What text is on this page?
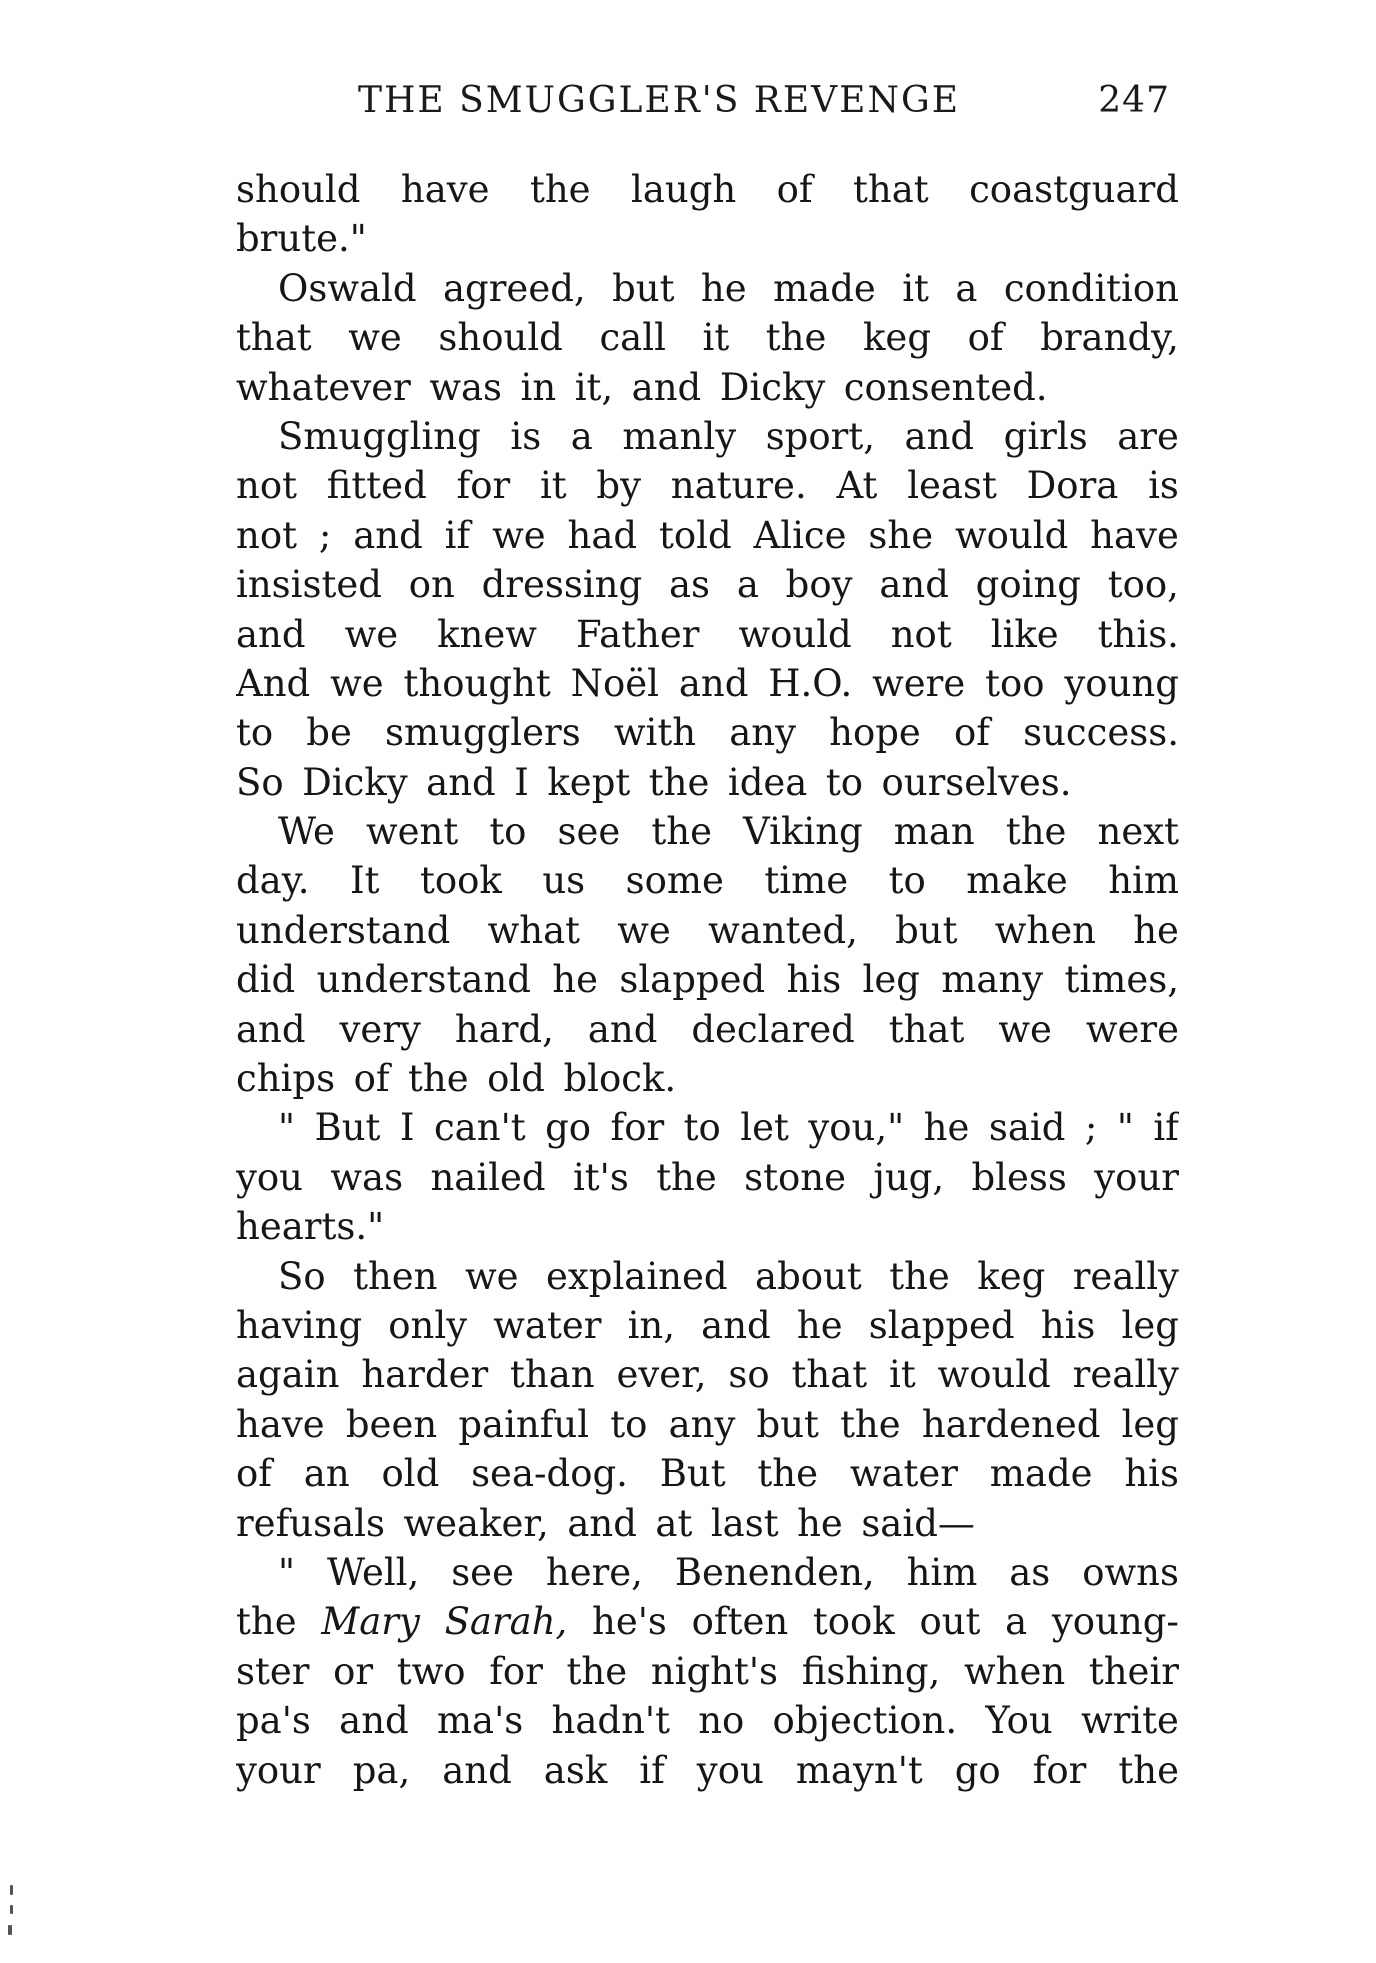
THE SMUGGLER'S REVENGE	247
should have the laugh of that coastguard
brute."
Oswald agreed, but he made it a condition
that we should call it the keg of brandy,
whatever was in it, and Dicky consented.
Smuggling is a manly sport, and girls are
not fitted for it by nature. At least Dora is
not ; and if we had told Alice she would have
insisted on dressing as a boy and going too,
and we knew Father would not like this.
And we thought Noël and H.O. were too young
to be smugglers with any hope of success.
So Dicky and I kept the idea to ourselves.
We went to see the Viking man the next
day. It took us some time to make him
understand what we wanted, but when he
did understand he slapped his leg many times,
and very hard, and declared that we were
chips of the old block.
" But I can't go for to let you," he said ; " if
you was nailed it's the stone jug, bless your
hearts."
So then we explained about the keg really
having only water in, and he slapped his leg
again harder than ever, so that it would really
have been painful to any but the hardened leg
of an old sea-dog. But the water made his
refusals weaker, and at last he said—
" Well, see here, Benenden, him as owns
the Mary Sarah, he's often took out a young-
ster or two for the night's fishing, when their
pa's and ma's hadn't no objection. You write
your pa, and ask if you mayn't go for the
